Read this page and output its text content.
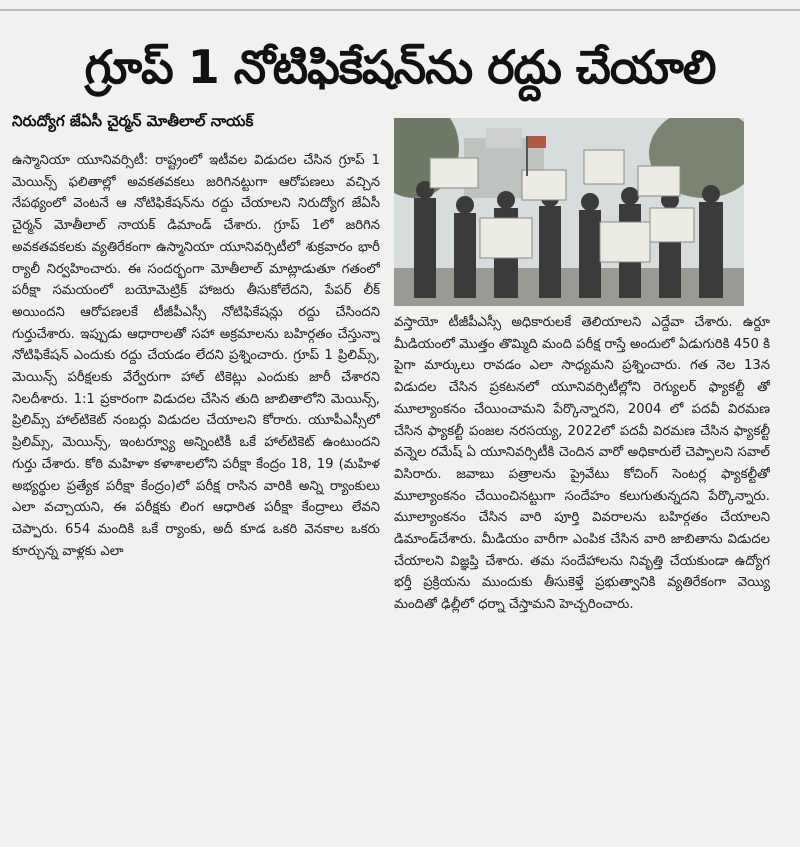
గ్రూప్ 1 నోటిఫికేషన్‌ను రద్దు చేయాలి
నిరుద్యోగ జేఏసీ చైర్మన్ మోతీలాల్ నాయక్
ఉస్మానియా యూనివర్సిటీ: రాష్ట్రంలో ఇటీవల విడుదల చేసిన గ్రూప్ 1 మెయిన్స్ ఫలితాల్లో అవకతవకలు జరిగినట్టుగా ఆరోపణలు వచ్చిన నేపథ్యంలో వెంటనే ఆ నోటిఫికేషన్‌ను రద్దు చేయాలని నిరుద్యోగ జేఏసీ చైర్మన్ మోతీలాల్ నాయక్ డిమాండ్ చేశారు. గ్రూప్ 1లో జరిగిన అవకతవకలకు వ్యతిరేకంగా ఉస్మానియా యూనివర్సిటీలో శుక్రవారం భారీ ర్యాలీ నిర్వహించారు. ఈ సందర్భంగా మోతీలాల్ మాట్లాడుతూ గతంలో పరీక్షా సమయంలో బయోమెట్రిక్ హాజరు తీసుకోలేదని, పేపర్ లీక్ అయిందని ఆరోపణలకే టీజీపీఎస్సీ నోటిఫికేషన్లు రద్దు చేసిందని గుర్తుచేశారు. ఇప్పుడు ఆధారాలతో సహా అక్రమాలను బహిర్గతం చేస్తున్నా నోటిఫికేషన్ ఎందుకు రద్దు చేయడం లేదని ప్రశ్నించారు. గ్రూప్ 1 ప్రిలిమ్స్, మెయిన్స్ పరీక్షలకు వేర్వేరుగా హాల్ టికెట్లు ఎందుకు జారీ చేశారని నిలదీశారు. 1:1 ప్రకారంగా విడుదల చేసిన తుది జాబితాలోని మెయిన్స్, ప్రిలిమ్స్ హాల్‌టికెట్ నంబర్లు విడుదల చేయాలని కోరారు. యూపీఎస్సీలో ప్రిలిమ్స్, మెయిన్స్, ఇంటర్వ్యూ అన్నింటికీ ఒకే హాల్‌టికెట్ ఉంటుందని గుర్తు చేశారు. కోఠి మహిళా కళాశాలలోని పరీక్షా కేంద్రం 18, 19 (మహిళ అభ్యర్థుల ప్రత్యేక పరీక్షా కేంద్రం)లో పరీక్ష రాసిన వారికి అన్ని ర్యాంకులు ఎలా వచ్చాయని, ఈ పరీక్షకు లింగ ఆధారిత పరీక్షా కేంద్రాలు లేవని చెప్పారు. 654 మందికి ఒకే ర్యాంకు, అదీ కూడ ఒకరి వెనకాల ఒకరు కూర్చున్న వాళ్లకు ఎలా
వస్తాయో టీజీపీఎస్సీ అధికారులకే తెలియాలని ఎద్దేవా చేశారు. ఉర్దూ మీడియంలో మొత్తం తొమ్మిది మంది పరీక్ష రాస్తే అందులో ఏడుగురికి 450 కి పైగా మార్కులు రావడం ఎలా సాధ్యమని ప్రశ్నించారు. గత నెల 13న విడుదల చేసిన ప్రకటనలో యూనివర్సిటీల్లోని రెగ్యులర్ ఫ్యాకల్టీ తో మూల్యాంకనం చేయించామని పేర్కొన్నారని, 2004 లో పదవీ విరమణ చేసిన ఫ్యాకల్టీ పంజల నరసయ్య, 2022లో పదవీ విరమణ చేసిన ఫ్యాకల్టీ వన్నెల రమేష్ ఏ యూనివర్సిటీకి చెందిన వారో అధికారులే చెప్పాలని సవాల్ విసిరారు. జవాబు పత్రాలను ప్రైవేటు కోచింగ్ సెంటర్ల ఫ్యాకల్టీతో మూల్యాంకనం చేయించినట్టుగా సందేహం కలుగుతున్నదని పేర్కొన్నారు. మూల్యాంకనం చేసిన వారి పూర్తి వివరాలను బహిర్గతం చేయాలని డిమాండ్‌చేశారు. మీడియం వారీగా ఎంపిక చేసిన వారి జాబితాను విడుదల చేయాలని విజ్ఞప్తి చేశారు. తమ సందేహాలను నివృత్తి చేయకుండా ఉద్యోగ భర్తీ ప్రక్రియను ముందుకు తీసుకెళ్తే ప్రభుత్వానికి వ్యతిరేకంగా వెయ్యి మందితో ఢిల్లీలో ధర్నా చేస్తామని హెచ్చరించారు.
